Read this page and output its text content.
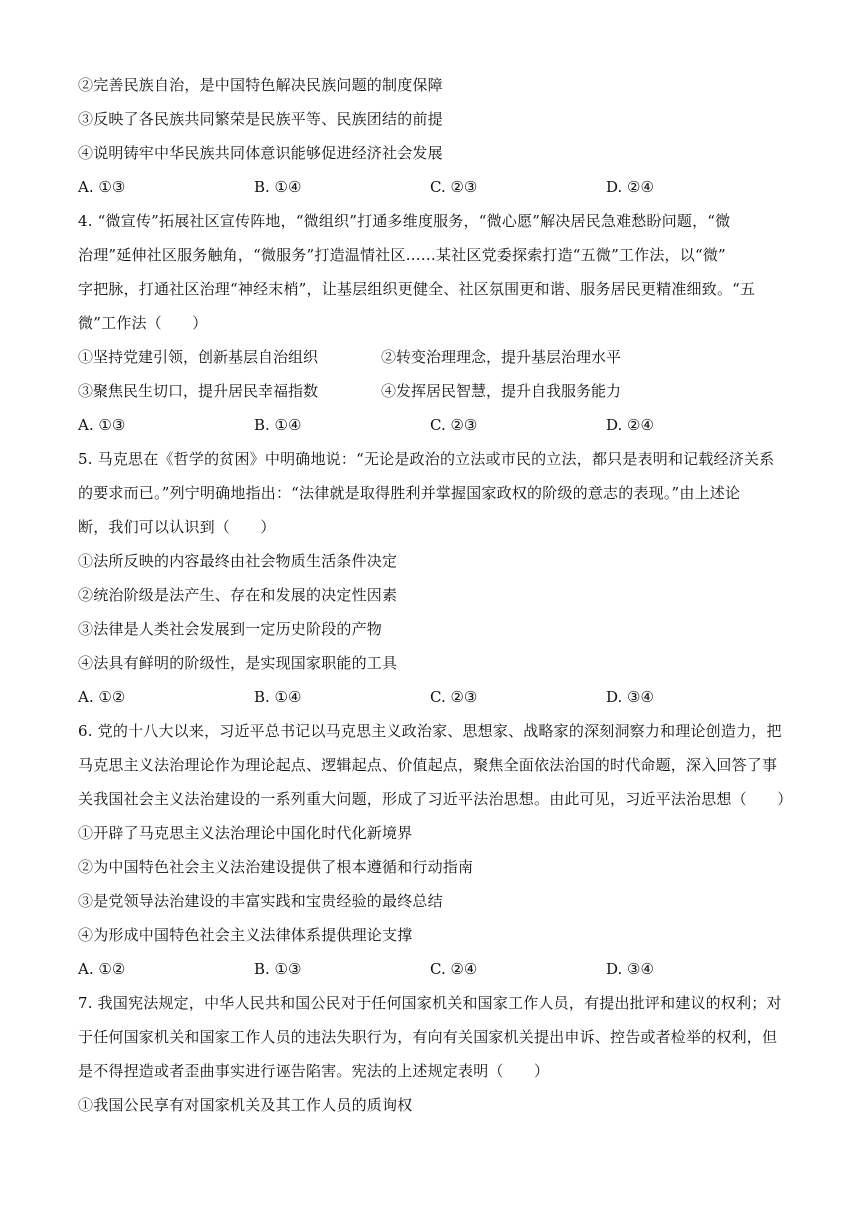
②完善民族自治，是中国特色解决民族问题的制度保障
③反映了各民族共同繁荣是民族平等、民族团结的前提
④说明铸牢中华民族共同体意识能够促进经济社会发展
A. ①③	B. ①④	C. ②③	D. ②④
4. “微宣传”拓展社区宣传阵地，“微组织”打通多维度服务，“微心愿”解决居民急难愁盼问题，“微
治理”延伸社区服务触角，“微服务”打造温情社区……某社区党委探索打造“五微”工作法，以“微”
字把脉，打通社区治理“神经末梢”，让基层组织更健全、社区氛围更和谐、服务居民更精准细致。“五
微”工作法（　　）
①坚持党建引领，创新基层自治组织	②转变治理理念，提升基层治理水平
③聚焦民生切口，提升居民幸福指数	④发挥居民智慧，提升自我服务能力
A. ①③	B. ①④	C. ②③	D. ②④
5. 马克思在《哲学的贫困》中明确地说：“无论是政治的立法或市民的立法，都只是表明和记载经济关系
的要求而已。”列宁明确地指出：“法律就是取得胜利并掌握国家政权的阶级的意志的表现。”由上述论
断，我们可以认识到（　　）
①法所反映的内容最终由社会物质生活条件决定
②统治阶级是法产生、存在和发展的决定性因素
③法律是人类社会发展到一定历史阶段的产物
④法具有鲜明的阶级性，是实现国家职能的工具
A. ①②	B. ①④	C. ②③	D. ③④
6. 党的十八大以来，习近平总书记以马克思主义政治家、思想家、战略家的深刻洞察力和理论创造力，把
马克思主义法治理论作为理论起点、逻辑起点、价值起点，聚焦全面依法治国的时代命题，深入回答了事
关我国社会主义法治建设的一系列重大问题，形成了习近平法治思想。由此可见，习近平法治思想（　　）
①开辟了马克思主义法治理论中国化时代化新境界
②为中国特色社会主义法治建设提供了根本遵循和行动指南
③是党领导法治建设的丰富实践和宝贵经验的最终总结
④为形成中国特色社会主义法律体系提供理论支撑
A. ①②	B. ①③	C. ②④	D. ③④
7. 我国宪法规定，中华人民共和国公民对于任何国家机关和国家工作人员，有提出批评和建议的权利；对
于任何国家机关和国家工作人员的违法失职行为，有向有关国家机关提出申诉、控告或者检举的权利，但
是不得捏造或者歪曲事实进行诬告陷害。宪法的上述规定表明（　　）
①我国公民享有对国家机关及其工作人员的质询权
